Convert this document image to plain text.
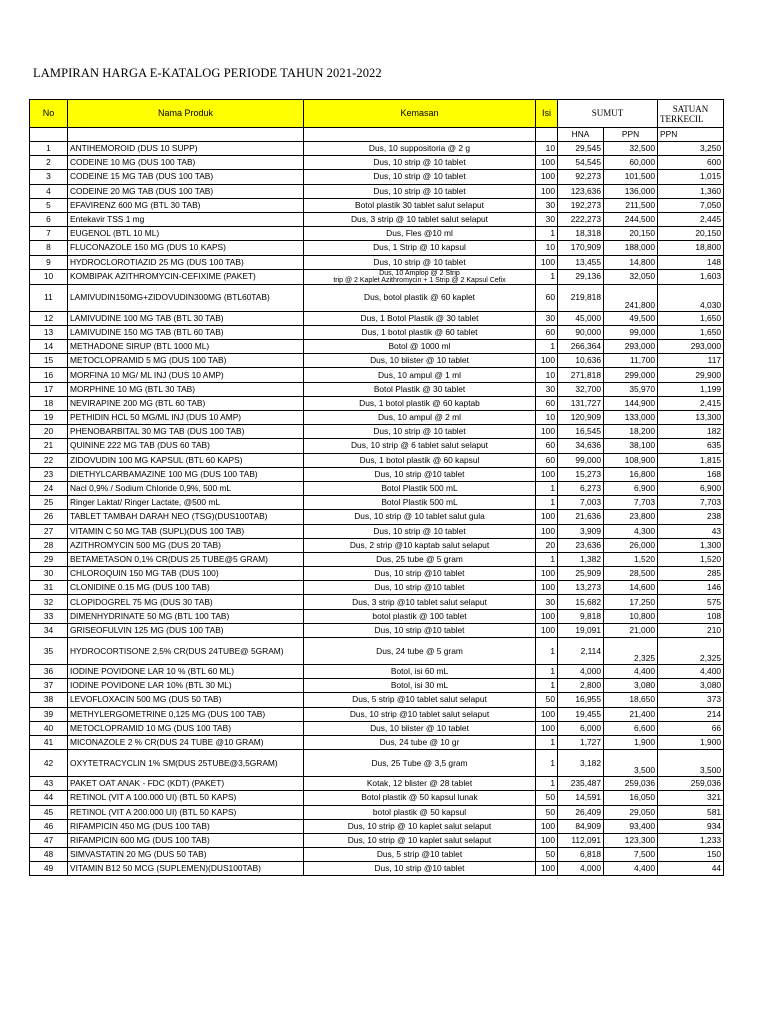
LAMPIRAN HARGA E-KATALOG PERIODE TAHUN 2021-2022
No	Nama Produk	Kemasan	Isi	SUMUT		SATUAN
TERKECIL

				HNA	PPN	PPN
1	ANTIHEMOROID (DUS 10 SUPP)	Dus, 10 suppositoria @ 2 g	10	29,545	32,500	3,250
2	CODEINE 10 MG (DUS 100 TAB)	Dus, 10 strip @ 10 tablet	100	54,545	60,000	600
3	CODEINE 15 MG TAB (DUS 100 TAB)	Dus, 10 strip @ 10 tablet	100	92,273	101,500	1,015
4	CODEINE 20 MG TAB (DUS 100 TAB)	Dus, 10 strip @ 10 tablet	100	123,636	136,000	1,360
5	EFAVIRENZ 600 MG (BTL 30 TAB)	Botol plastik 30 tablet salut selaput	30	192,273	211,500	7,050
6	Entekavir TSS 1 mg	Dus, 3 strip @ 10 tablet salut selaput	30	222,273	244,500	2,445
7	EUGENOL (BTL 10 ML)	Dus, Fles @10 ml	1	18,318	20,150	20,150
8	FLUCONAZOLE 150 MG (DUS 10 KAPS)	Dus, 1 Strip @ 10 kapsul	10	170,909	188,000	18,800
9	HYDROCLOROTIAZID 25 MG (DUS 100 TAB)	Dus, 10 strip @ 10 tablet	100	13,455	14,800	148
10	KOMBIPAK AZITHROMYCIN-CEFIXIME (PAKET)	Dus, 10 Amplop @ 2 Strip
trip @ 2 Kaplet Azithromycin + 1 Strip @ 2 Kapsul Cefix	1	29,136	32,050	1,603
11	LAMIVUDIN150MG+ZIDOVUDIN300MG (BTL60TAB)	Dus, botol plastik @ 60 kaplet	60	219,818	241,800	4,030
12	LAMIVUDINE 100 MG TAB (BTL 30 TAB)	Dus, 1 Botol Plastik @ 30 tablet	30	45,000	49,500	1,650
13	LAMIVUDINE 150 MG TAB (BTL 60 TAB)	Dus, 1 botol plastik @ 60 tablet	60	90,000	99,000	1,650
14	METHADONE SIRUP (BTL 1000 ML)	Botol @ 1000 ml	1	266,364	293,000	293,000
15	METOCLOPRAMID 5 MG (DUS 100 TAB)	Dus, 10 blister @ 10 tablet	100	10,636	11,700	117
16	MORFINA 10 MG/ ML INJ (DUS 10 AMP)	Dus, 10 ampul @ 1 ml	10	271,818	299,000	29,900
17	MORPHINE 10 MG (BTL 30 TAB)	Botol Plastik @ 30 tablet	30	32,700	35,970	1,199
18	NEVIRAPINE 200 MG (BTL 60 TAB)	Dus, 1 botol plastik @ 60 kaptab	60	131,727	144,900	2,415
19	PETHIDIN HCL 50 MG/ML INJ (DUS 10 AMP)	Dus, 10 ampul @ 2 ml	10	120,909	133,000	13,300
20	PHENOBARBITAL 30 MG TAB (DUS 100 TAB)	Dus, 10 strip @ 10 tablet	100	16,545	18,200	182
21	QUININE 222 MG TAB (DUS 60 TAB)	Dus, 10 strip @ 6 tablet salut selaput	60	34,636	38,100	635
22	ZIDOVUDIN 100 MG KAPSUL (BTL 60 KAPS)	Dus, 1 botol plastik @ 60 kapsul	60	99,000	108,900	1,815
23	DIETHYLCARBAMAZINE 100 MG (DUS 100 TAB)	Dus, 10 strip @10 tablet	100	15,273	16,800	168
24	Nacl 0,9% / Sodium Chloride 0,9%, 500 mL	Botol Plastik 500 mL	1	6,273	6,900	6,900
25	Ringer Laktat/ Ringer Lactate, @500 mL	Botol Plastik 500 mL	1	7,003	7,703	7,703
26	TABLET TAMBAH DARAH NEO (TSG)(DUS100TAB)	Dus, 10 strip @ 10 tablet salut gula	100	21,636	23,800	238
27	VITAMIN C 50 MG TAB (SUPL)(DUS 100 TAB)	Dus, 10 strip @ 10 tablet	100	3,909	4,300	43
28	AZITHROMYCIN 500 MG (DUS 20 TAB)	Dus, 2 strip @10 kaptab salut selaput	20	23,636	26,000	1,300
29	BETAMETASON 0,1% CR(DUS 25 TUBE@5 GRAM)	Dus, 25 tube @ 5 gram	1	1,382	1,520	1,520
30	CHLOROQUIN 150 MG TAB (DUS 100)	Dus, 10 strip @10 tablet	100	25,909	28,500	285
31	CLONIDINE 0.15 MG (DUS 100 TAB)	Dus, 10 strip @10 tablet	100	13,273	14,600	146
32	CLOPIDOGREL 75 MG (DUS 30 TAB)	Dus, 3 strip @10 tablet salut selaput	30	15,682	17,250	575
33	DIMENHYDRINATE 50 MG (BTL 100 TAB)	botol plastik @ 100 tablet	100	9,818	10,800	108
34	GRISEOFULVIN 125 MG (DUS 100 TAB)	Dus, 10 strip @10 tablet	100	19,091	21,000	210
35	HYDROCORTISONE 2,5% CR(DUS 24TUBE@ 5GRAM)	Dus, 24 tube @ 5 gram	1	2,114	2,325	2,325
36	IODINE POVIDONE LAR 10 % (BTL 60 ML)	Botol, isi 60 mL	1	4,000	4,400	4,400
37	IODINE POVIDONE LAR 10% (BTL 30 ML)	Botol, isi 30 mL	1	2,800	3,080	3,080
38	LEVOFLOXACIN 500 MG (DUS 50 TAB)	Dus, 5 strip @10 tablet salut selaput	50	16,955	18,650	373
39	METHYLERGOMETRINE 0,125 MG (DUS 100 TAB)	Dus, 10 strip @10 tablet salut selaput	100	19,455	21,400	214
40	METOCLOPRAMID 10 MG (DUS 100 TAB)	Dus, 10 blister @ 10 tablet	100	6,000	6,600	66
41	MICONAZOLE 2 % CR(DUS 24 TUBE @10 GRAM)	Dus, 24 tube @ 10 gr	1	1,727	1,900	1,900
42	OXYTETRACYCLIN 1% SM(DUS 25TUBE@3,5GRAM)	Dus, 25 Tube @ 3,5 gram	1	3,182	3,500	3,500
43	PAKET OAT ANAK - FDC (KDT) (PAKET)	Kotak, 12 blister @ 28 tablet	1	235,487	259,036	259,036
44	RETINOL (VIT A 100.000 UI) (BTL 50 KAPS)	Botol plastik @ 50 kapsul lunak	50	14,591	16,050	321
45	RETINOL (VIT A 200.000 UI) (BTL 50 KAPS)	botol plastik @ 50 kapsul	50	26,409	29,050	581
46	RIFAMPICIN 450 MG (DUS 100 TAB)	Dus, 10 strip @ 10 kaplet salut selaput	100	84,909	93,400	934
47	RIFAMPICIN 600 MG (DUS 100 TAB)	Dus, 10 strip @ 10 kaplet salut selaput	100	112,091	123,300	1,233
48	SIMVASTATIN 20 MG (DUS 50 TAB)	Dus, 5 strip @10 tablet	50	6,818	7,500	150
49	VITAMIN B12 50 MCG (SUPLEMEN)(DUS100TAB)	Dus, 10 strip @10 tablet	100	4,000	4,400	44
